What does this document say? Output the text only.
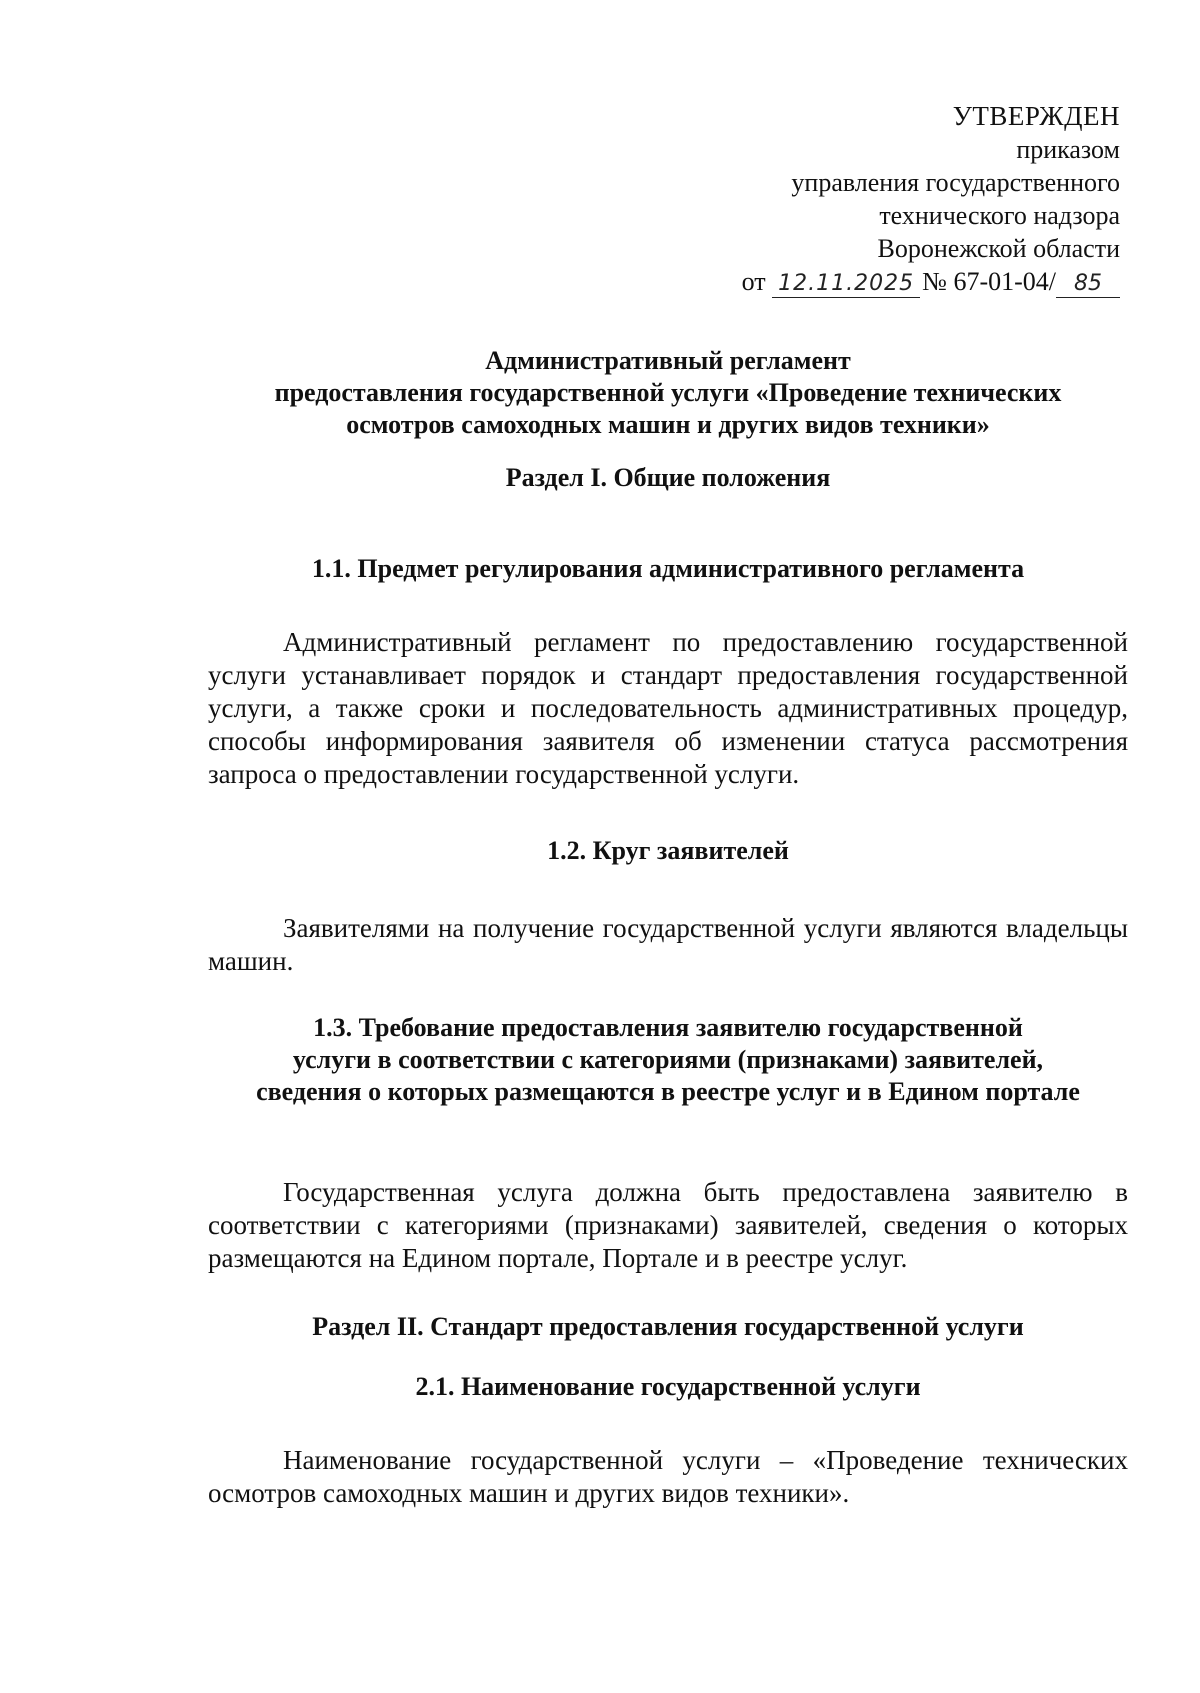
УТВЕРЖДЕН
приказом
управления государственного
технического надзора
Воронежской области
от 12.11.2025 № 67-01-04/ 85
Административный регламент
предоставления государственной услуги «Проведение технических
осмотров самоходных машин и других видов техники»
Раздел I. Общие положения
1.1. Предмет регулирования административного регламента
Административный регламент по предоставлению государственной услуги устанавливает порядок и стандарт предоставления государственной услуги, а также сроки и последовательность административных процедур, способы информирования заявителя об изменении статуса рассмотрения запроса о предоставлении государственной услуги.
1.2. Круг заявителей
Заявителями на получение государственной услуги являются владельцы машин.
1.3. Требование предоставления заявителю государственной
услуги в соответствии с категориями (признаками) заявителей,
сведения о которых размещаются в реестре услуг и в Едином портале
Государственная услуга должна быть предоставлена заявителю в соответствии с категориями (признаками) заявителей, сведения о которых размещаются на Едином портале, Портале и в реестре услуг.
Раздел II. Стандарт предоставления государственной услуги
2.1. Наименование государственной услуги
Наименование государственной услуги – «Проведение технических осмотров самоходных машин и других видов техники».
